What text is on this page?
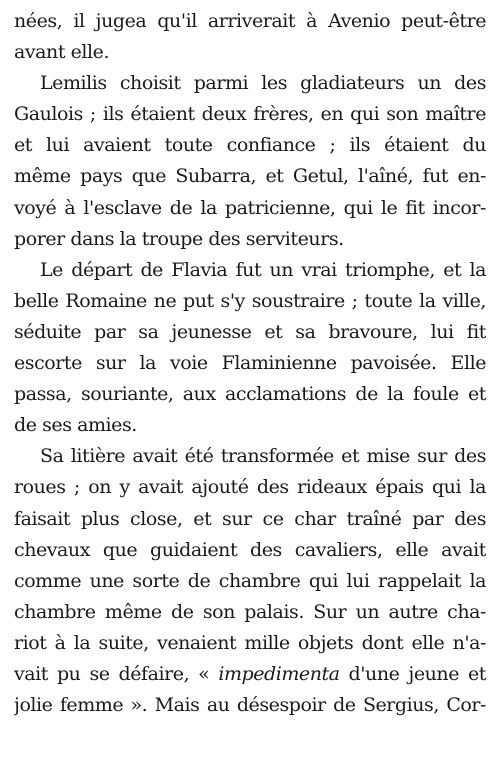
nées, il jugea qu'il arriverait à Avenio peut-être
avant elle.
Lemilis choisit parmi les gladiateurs un des
Gaulois ; ils étaient deux frères, en qui son maître
et lui avaient toute confiance ; ils étaient du
même pays que Subarra, et Getul, l'aîné, fut en-
voyé à l'esclave de la patricienne, qui le fit incor-
porer dans la troupe des serviteurs.
Le départ de Flavia fut un vrai triomphe, et la
belle Romaine ne put s'y soustraire ; toute la ville,
séduite par sa jeunesse et sa bravoure, lui fit
escorte sur la voie Flaminienne pavoisée. Elle
passa, souriante, aux acclamations de la foule et
de ses amies.
Sa litière avait été transformée et mise sur des
roues ; on y avait ajouté des rideaux épais qui la
faisait plus close, et sur ce char traîné par des
chevaux que guidaient des cavaliers, elle avait
comme une sorte de chambre qui lui rappelait la
chambre même de son palais. Sur un autre cha-
riot à la suite, venaient mille objets dont elle n'a-
vait pu se défaire, « impedimenta d'une jeune et
jolie femme ». Mais au désespoir de Sergius, Cor-
